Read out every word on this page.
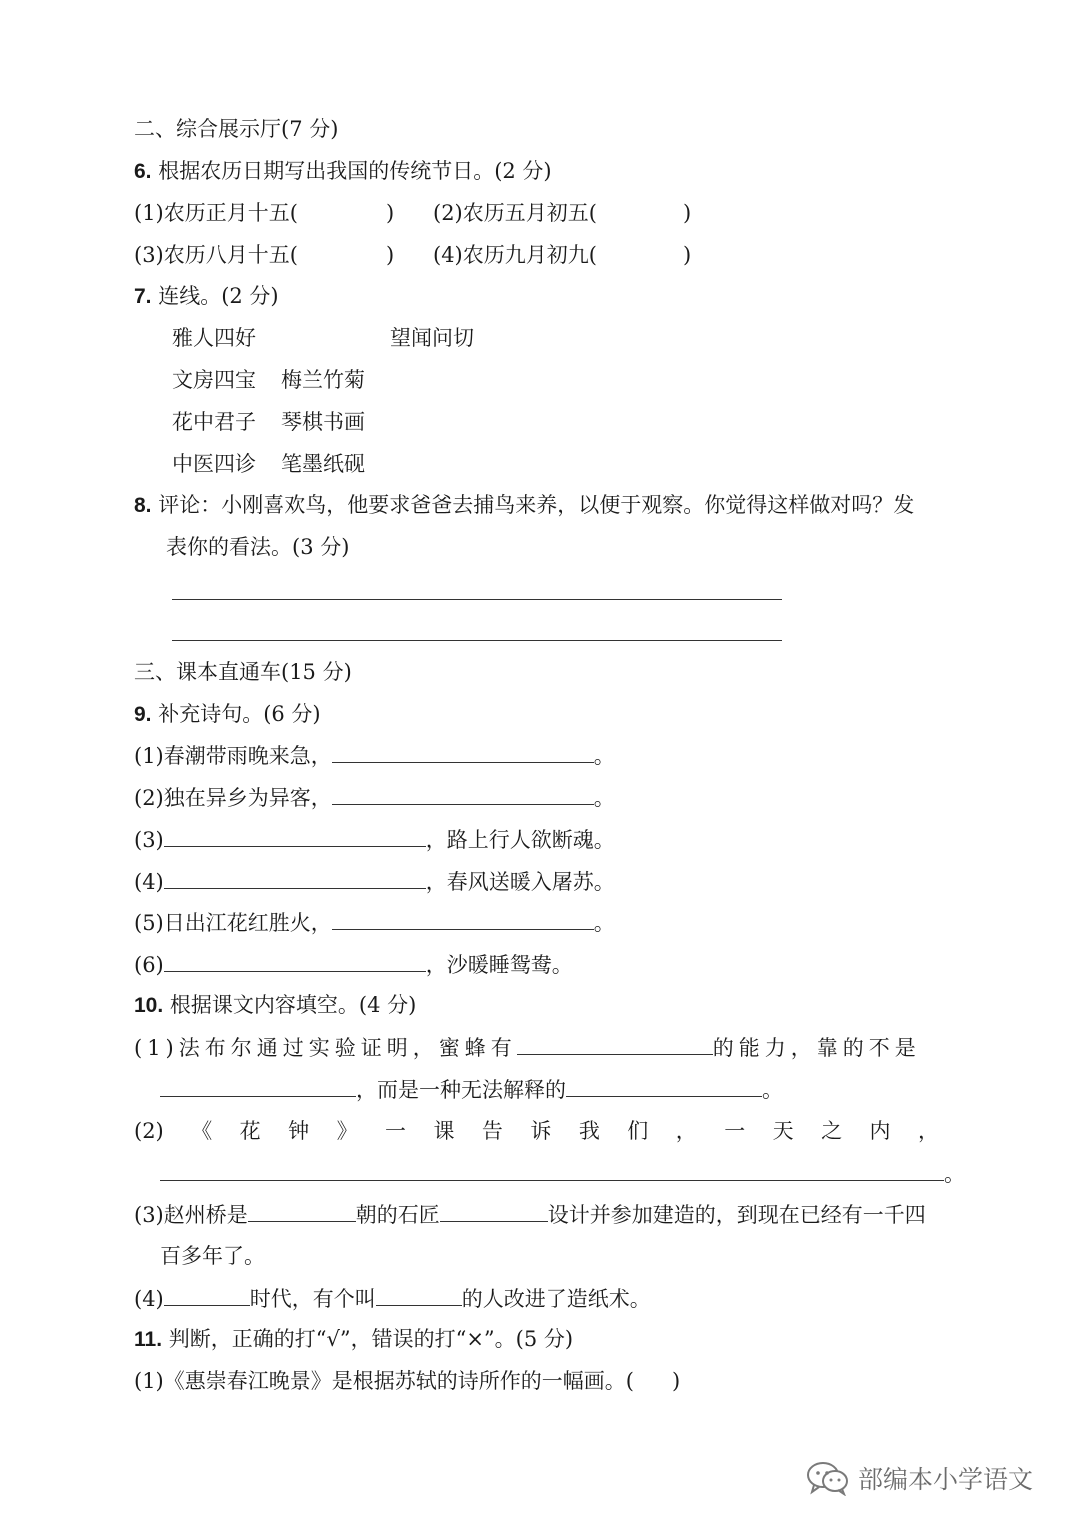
二、综合展示厅(7 分)
6. 根据农历日期写出我国的传统节日。(2 分)
(1)农历正月十五(	) (2)农历五月初五(	)
(3)农历八月十五(	) (4)农历九月初九(	)
7. 连线。(2 分)
雅人四好	望闻问切
文房四宝 梅兰竹菊
花中君子 琴棋书画
中医四诊 笔墨纸砚
8. 评论：小刚喜欢鸟，他要求爸爸去捕鸟来养，以便于观察。你觉得这样做对吗？发
表你的看法。(3 分)
三、课本直通车(15 分)
9. 补充诗句。(6 分)
(1)春潮带雨晚来急，	。
(2)独在异乡为异客，	。
(3)	，路上行人欲断魂。
(4)	，春风送暖入屠苏。
(5)日出江花红胜火，	。
(6)	，沙暖睡鸳鸯。
10. 根据课文内容填空。(4 分)
(1)法布尔通过实验证明，蜜蜂有	的能力，靠的不是
，而是一种无法解释的	。
(2) 《 花 钟 》 一 课 告 诉 我 们 ， 一 天 之 内 ，
。
(3)赵州桥是	朝的石匠	设计并参加建造的，到现在已经有一千四
百多年了。
(4)	时代，有个叫	的人改进了造纸术。
11. 判断，正确的打“√”，错误的打“×”。(5 分)
(1)《惠崇春江晚景》是根据苏轼的诗所作的一幅画。( )
部编本小学语文
